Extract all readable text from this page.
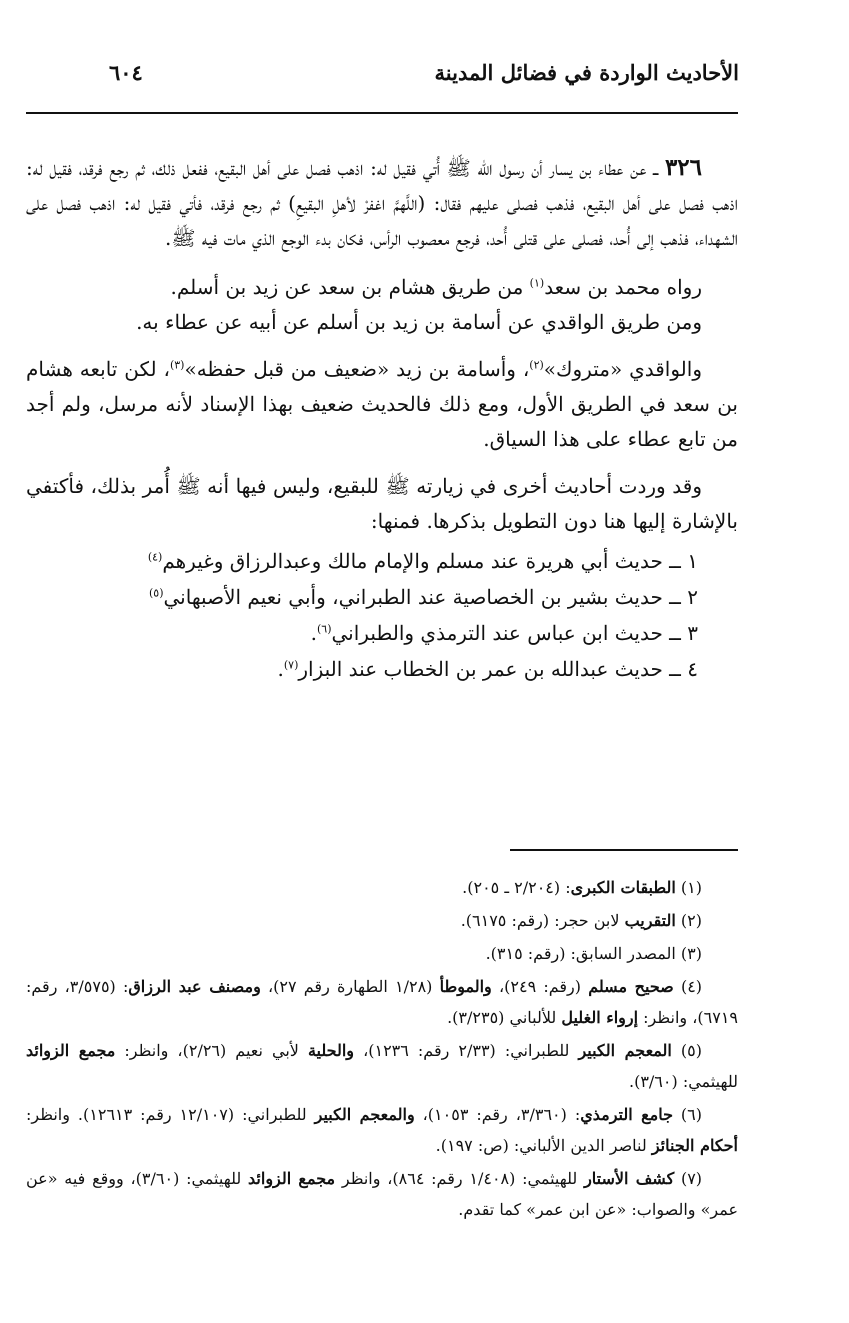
الأحاديث الواردة في فضائل المدينة
٦٠٤

٣٢٦ ــ عن عطاء بن يسار أن رسول الله ﷺ أُتي فقيل له: اذهب فصل على أهل البقيع، ففعل ذلك، ثم رجع فرقد، فقيل له: اذهب فصل على أهل البقيع، فذهب فصلى عليهم فقال: (اللَّهمَّ اغفرْ لأهلِ البقيعِ) ثم رجع فرقد، فأتي فقيل له: اذهب فصل على الشهداء، فذهب إلى أُحد، فصلى على قتلى أُحد، فرجع معصوب الرأس، فكان بدء الوجع الذي مات فيه ﷺ.

رواه محمد بن سعد$^{(١)}$ من طريق هشام بن سعد عن زيد بن أسلم.

ومن طريق الواقدي عن أسامة بن زيد بن أسلم عن أبيه عن عطاء به.

والواقدي «متروك»$^{(٢)}$، وأسامة بن زيد «ضعيف من قبل حفظه»$^{(٣)}$، لكن تابعه هشام بن سعد في الطريق الأول، ومع ذلك فالحديث ضعيف بهذا الإسناد لأنه مرسل، ولم أجد من تابع عطاء على هذا السياق.

وقد وردت أحاديث أخرى في زيارته ﷺ للبقيع، وليس فيها أنه ﷺ أُمر بذلك، فأكتفي بالإشارة إليها هنا دون التطويل بذكرها. فمنها:

١ ــ حديث أبي هريرة عند مسلم والإمام مالك وعبدالرزاق وغيرهم$^{(٤)}$
٢ ــ حديث بشير بن الخصاصية عند الطبراني، وأبي نعيم الأصبهاني$^{(٥)}$
٣ ــ حديث ابن عباس عند الترمذي والطبراني$^{(٦)}$.
٤ ــ حديث عبدالله بن عمر بن الخطاب عند البزار$^{(٧)}$.

(١) الطبقات الكبرى: (٢/٢٠٤ ـ ٢٠٥).

(٢) التقريب لابن حجر: (رقم: ٦١٧٥).

(٣) المصدر السابق: (رقم: ٣١٥).

(٤) صحيح مسلم (رقم: ٢٤٩)، والموطأ (١/٢٨ الطهارة رقم ٢٧)، ومصنف عبد الرزاق: (٣/٥٧٥، رقم: ٦٧١٩)، وانظر: إرواء الغليل للألباني (٣/٢٣٥).

(٥) المعجم الكبير للطبراني: (٢/٣٣ رقم: ١٢٣٦)، والحلية لأبي نعيم (٢/٢٦)، وانظر: مجمع الزوائد للهيثمي: (٣/٦٠).

(٦) جامع الترمذي: (٣/٣٦٠، رقم: ١٠٥٣)، والمعجم الكبير للطبراني: (١٢/١٠٧ رقم: ١٢٦١٣). وانظر: أحكام الجنائز لناصر الدين الألباني: (ص: ١٩٧).

(٧) كشف الأستار للهيثمي: (١/٤٠٨ رقم: ٨٦٤)، وانظر مجمع الزوائد للهيثمي: (٣/٦٠)، ووقع فيه «عن عمر» والصواب: «عن ابن عمر» كما تقدم.
